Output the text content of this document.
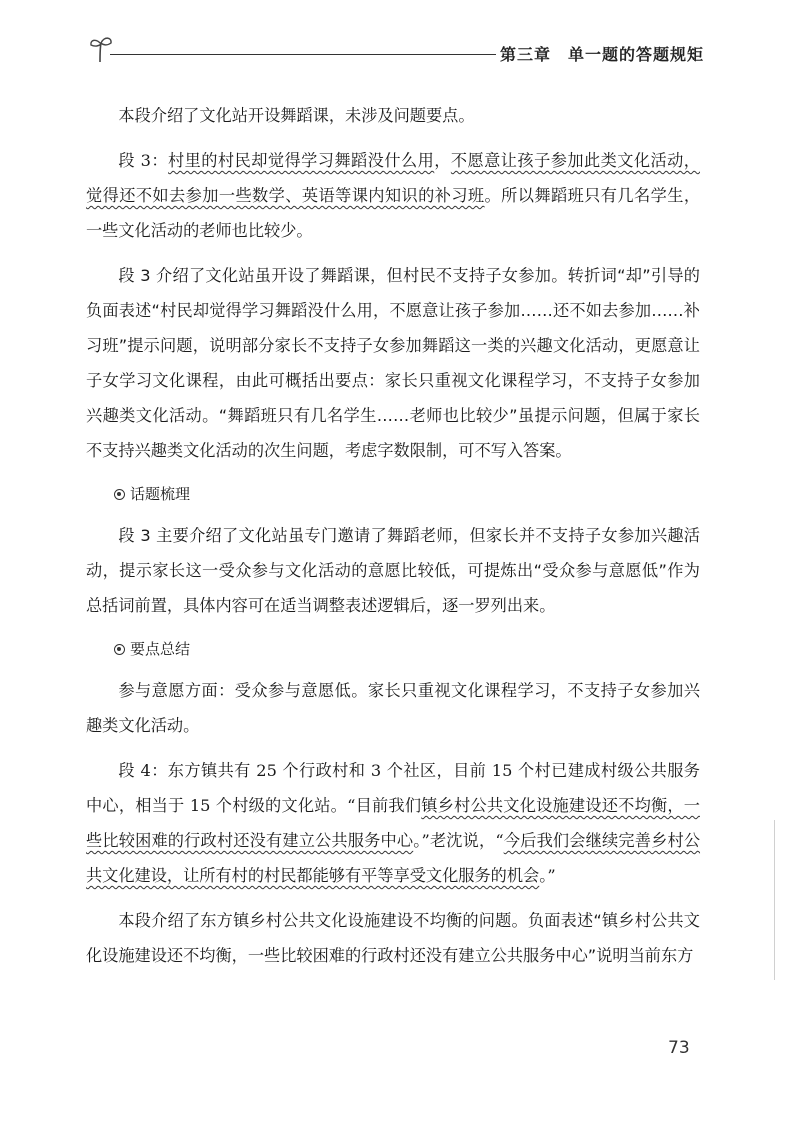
第三章　单一题的答题规矩

本段介绍了文化站开设舞蹈课，未涉及问题要点。

段 3：村里的村民却觉得学习舞蹈没什么用，不愿意让孩子参加此类文化活动，觉得还不如去参加一些数学、英语等课内知识的补习班。所以舞蹈班只有几名学生，一些文化活动的老师也比较少。

段 3 介绍了文化站虽开设了舞蹈课，但村民不支持子女参加。转折词“却”引导的负面表述“村民却觉得学习舞蹈没什么用，不愿意让孩子参加……还不如去参加……补习班”提示问题，说明部分家长不支持子女参加舞蹈这一类的兴趣文化活动，更愿意让子女学习文化课程，由此可概括出要点：家长只重视文化课程学习，不支持子女参加兴趣类文化活动。“舞蹈班只有几名学生……老师也比较少”虽提示问题，但属于家长不支持兴趣类文化活动的次生问题，考虑字数限制，可不写入答案。

话题梳理

段 3 主要介绍了文化站虽专门邀请了舞蹈老师，但家长并不支持子女参加兴趣活动，提示家长这一受众参与文化活动的意愿比较低，可提炼出“受众参与意愿低”作为总括词前置，具体内容可在适当调整表述逻辑后，逐一罗列出来。

要点总结

参与意愿方面：受众参与意愿低。家长只重视文化课程学习，不支持子女参加兴趣类文化活动。

段 4：东方镇共有 25 个行政村和 3 个社区，目前 15 个村已建成村级公共服务中心，相当于 15 个村级的文化站。“目前我们镇乡村公共文化设施建设还不均衡，一些比较困难的行政村还没有建立公共服务中心。”老沈说，“今后我们会继续完善乡村公共文化建设，让所有村的村民都能够有平等享受文化服务的机会。”

本段介绍了东方镇乡村公共文化设施建设不均衡的问题。负面表述“镇乡村公共文化设施建设还不均衡，一些比较困难的行政村还没有建立公共服务中心”说明当前东方

73
